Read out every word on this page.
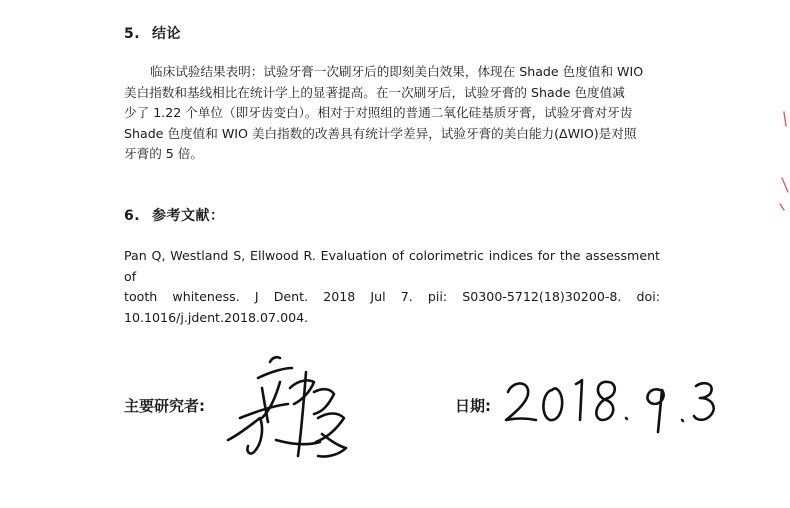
5. 结论
临床试验结果表明：试验牙膏一次刷牙后的即刻美白效果，体现在 Shade 色度值和 WIO
美白指数和基线相比在统计学上的显著提高。在一次刷牙后，试验牙膏的 Shade 色度值减
少了 1.22 个单位（即牙齿变白）。相对于对照组的普通二氧化硅基质牙膏，试验牙膏对牙齿
Shade 色度值和 WIO 美白指数的改善具有统计学差异，试验牙膏的美白能力(ΔWIO)是对照
牙膏的 5 倍。
6. 参考文献：
Pan Q, Westland S, Ellwood R. Evaluation of colorimetric indices for the assessment of
tooth whiteness. J Dent. 2018 Jul 7. pii: S0300-5712(18)30200-8. doi:
10.1016/j.jdent.2018.07.004.
主要研究者:	日期:
